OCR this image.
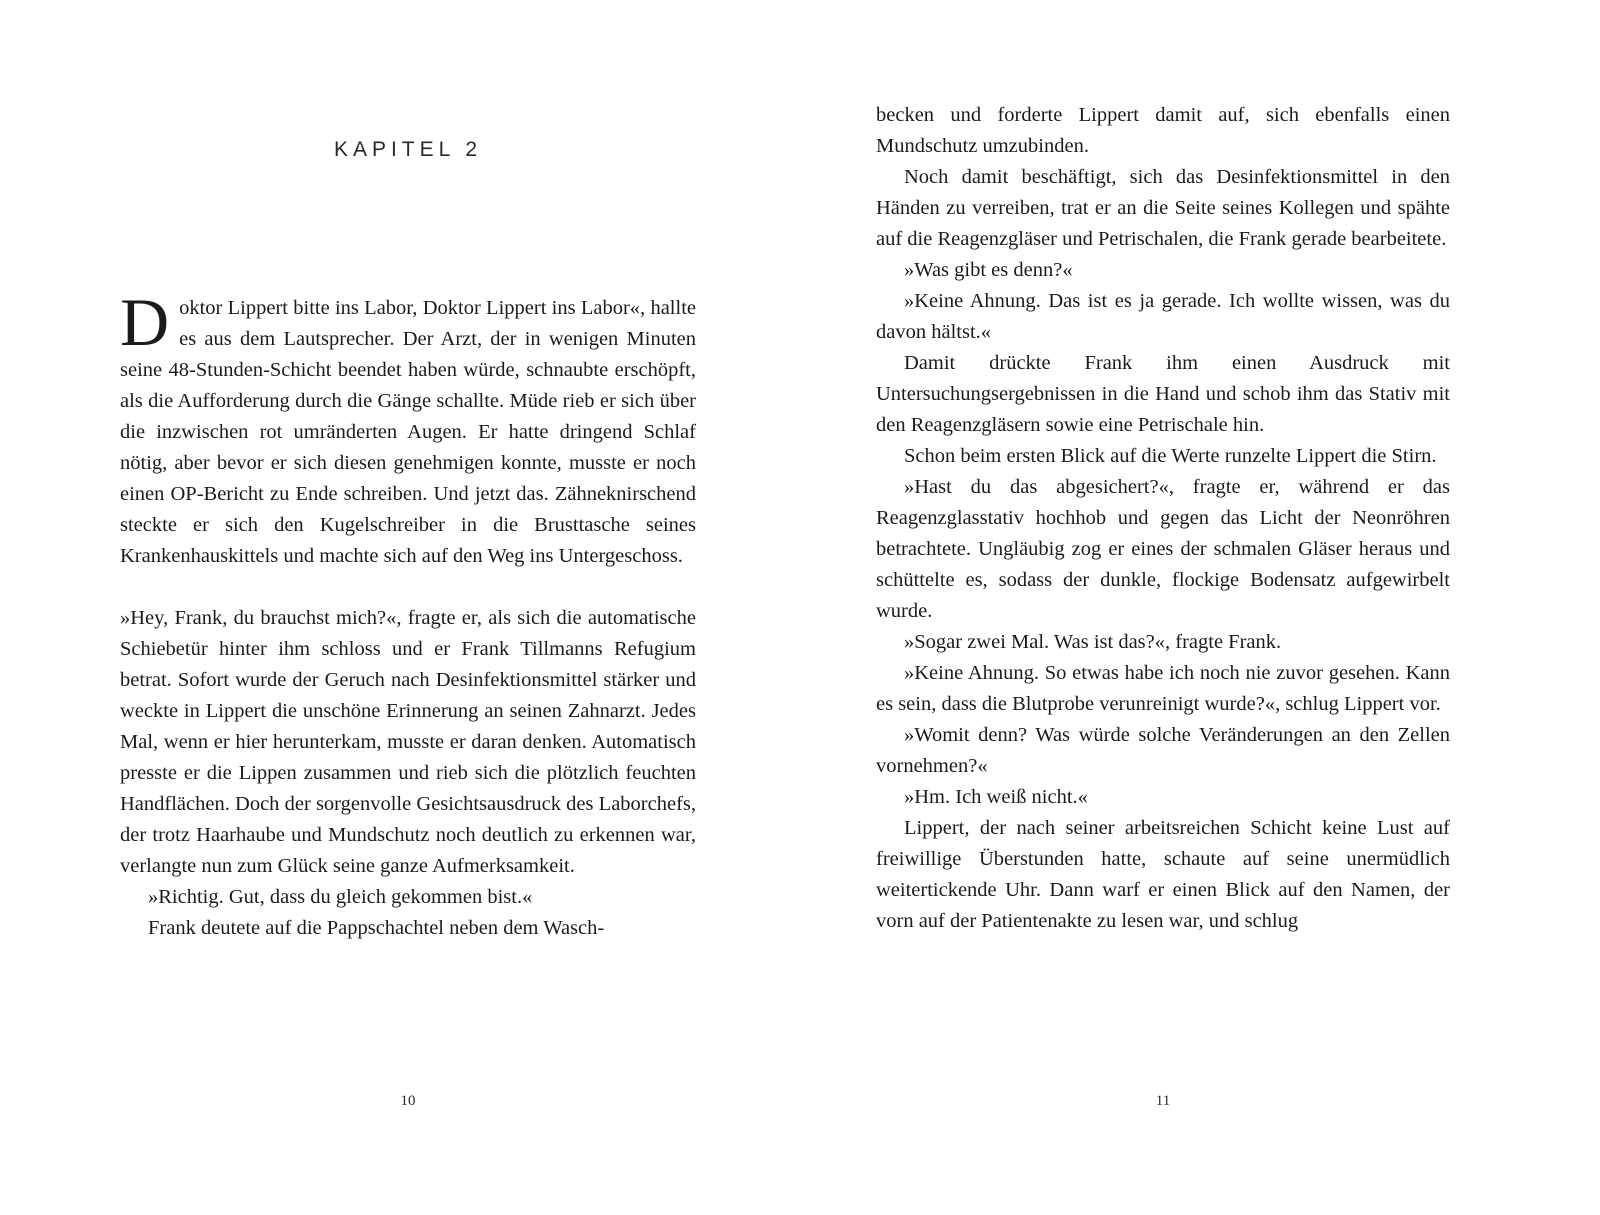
KAPITEL 2

Doktor Lippert bitte ins Labor, Doktor Lippert ins Labor«, hallte es aus dem Lautsprecher. Der Arzt, der in wenigen Minuten seine 48-Stunden-Schicht beendet haben würde, schnaubte erschöpft, als die Aufforderung durch die Gänge schallte. Müde rieb er sich über die inzwischen rot umränderten Augen. Er hatte dringend Schlaf nötig, aber bevor er sich diesen genehmigen konnte, musste er noch einen OP-Bericht zu Ende schreiben. Und jetzt das. Zähneknirschend steckte er sich den Kugelschreiber in die Brusttasche seines Krankenhauskittels und machte sich auf den Weg ins Untergeschoss.

»Hey, Frank, du brauchst mich?«, fragte er, als sich die automatische Schiebetür hinter ihm schloss und er Frank Tillmanns Refugium betrat. Sofort wurde der Geruch nach Desinfektionsmittel stärker und weckte in Lippert die unschöne Erinnerung an seinen Zahnarzt. Jedes Mal, wenn er hier herunterkam, musste er daran denken. Automatisch presste er die Lippen zusammen und rieb sich die plötzlich feuchten Handflächen. Doch der sorgenvolle Gesichtsausdruck des Laborchefs, der trotz Haarhaube und Mundschutz noch deutlich zu erkennen war, verlangte nun zum Glück seine ganze Aufmerksamkeit.

»Richtig. Gut, dass du gleich gekommen bist.«

Frank deutete auf die Pappschachtel neben dem Wasch-

10

becken und forderte Lippert damit auf, sich ebenfalls einen Mundschutz umzubinden.

Noch damit beschäftigt, sich das Desinfektionsmittel in den Händen zu verreiben, trat er an die Seite seines Kollegen und spähte auf die Reagenzgläser und Petrischalen, die Frank gerade bearbeitete.

»Was gibt es denn?«

»Keine Ahnung. Das ist es ja gerade. Ich wollte wissen, was du davon hältst.«

Damit drückte Frank ihm einen Ausdruck mit Untersuchungsergebnissen in die Hand und schob ihm das Stativ mit den Reagenzgläsern sowie eine Petrischale hin.

Schon beim ersten Blick auf die Werte runzelte Lippert die Stirn.

»Hast du das abgesichert?«, fragte er, während er das Reagenzglasstativ hochhob und gegen das Licht der Neonröhren betrachtete. Ungläubig zog er eines der schmalen Gläser heraus und schüttelte es, sodass der dunkle, flockige Bodensatz aufgewirbelt wurde.

»Sogar zwei Mal. Was ist das?«, fragte Frank.

»Keine Ahnung. So etwas habe ich noch nie zuvor gesehen. Kann es sein, dass die Blutprobe verunreinigt wurde?«, schlug Lippert vor.

»Womit denn? Was würde solche Veränderungen an den Zellen vornehmen?«

»Hm. Ich weiß nicht.«

Lippert, der nach seiner arbeitsreichen Schicht keine Lust auf freiwillige Überstunden hatte, schaute auf seine unermüdlich weitertickende Uhr. Dann warf er einen Blick auf den Namen, der vorn auf der Patientenakte zu lesen war, und schlug

11
